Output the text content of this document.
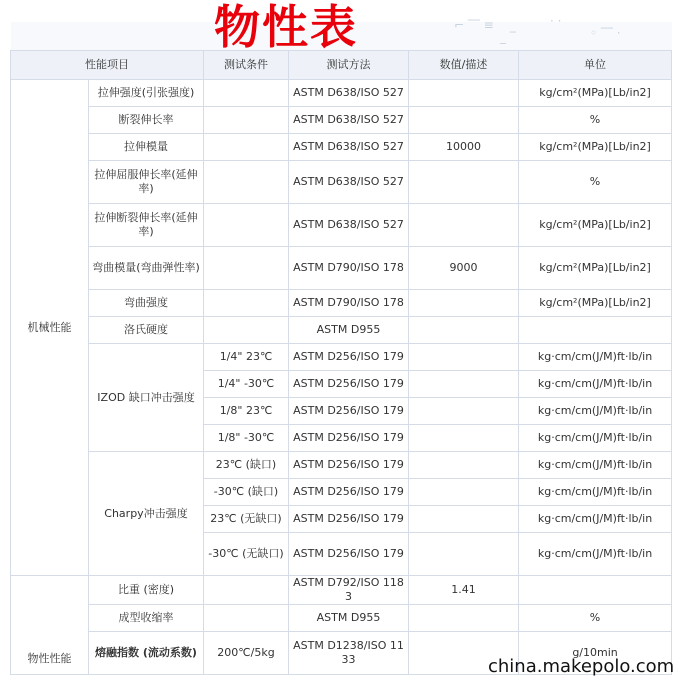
物性表	⌐ ‾‾ ≡
_ ‾
· ·
◦ ‾‾ ·

性能项目		测试条件	测试方法	数值/描述	单位
机械性能	拉伸强度(引张强度)		ASTM D638/ISO 527		kg/cm²(MPa)[Lb/in2]
	断裂伸长率		ASTM D638/ISO 527		%
	拉伸模量		ASTM D638/ISO 527	10000	kg/cm²(MPa)[Lb/in2]
	拉伸屈服伸长率(延伸率)		ASTM D638/ISO 527		%
	拉伸断裂伸长率(延伸率)		ASTM D638/ISO 527		kg/cm²(MPa)[Lb/in2]
	弯曲模量(弯曲弹性率)		ASTM D790/ISO 178	9000	kg/cm²(MPa)[Lb/in2]
	弯曲强度		ASTM D790/ISO 178		kg/cm²(MPa)[Lb/in2]
	洛氏硬度		ASTM D955		
	IZOD 缺口冲击强度	1/4" 23℃	ASTM D256/ISO 179		kg·cm/cm(J/M)ft·lb/in
		1/4" -30℃	ASTM D256/ISO 179		kg·cm/cm(J/M)ft·lb/in
		1/8" 23℃	ASTM D256/ISO 179		kg·cm/cm(J/M)ft·lb/in
		1/8" -30℃	ASTM D256/ISO 179		kg·cm/cm(J/M)ft·lb/in
	Charpy冲击强度	23℃ (缺口)	ASTM D256/ISO 179		kg·cm/cm(J/M)ft·lb/in
		-30℃ (缺口)	ASTM D256/ISO 179		kg·cm/cm(J/M)ft·lb/in
		23℃ (无缺口)	ASTM D256/ISO 179		kg·cm/cm(J/M)ft·lb/in
		-30℃ (无缺口)	ASTM D256/ISO 179		kg·cm/cm(J/M)ft·lb/in
物性性能	比重 (密度)		ASTM D792/ISO 1183	1.41	
	成型收缩率		ASTM D955		%
	熔融指数 (流动系数)	200℃/5kg	ASTM D1238/ISO 1133		g/10min
china.makepolo.com
